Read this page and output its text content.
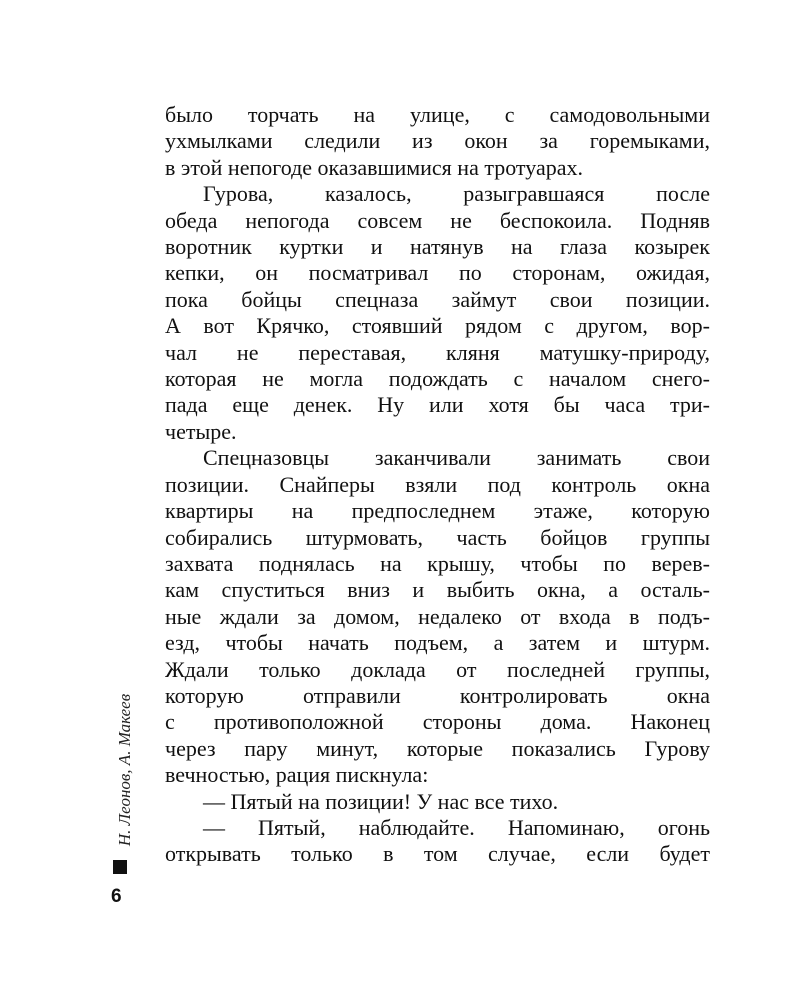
было торчать на улице, с самодовольными
ухмылками следили из окон за горемыками,
в этой непогоде оказавшимися на тротуарах.
Гурова, казалось, разыгравшаяся после
обеда непогода совсем не беспокоила. Подняв
воротник куртки и натянув на глаза козырек
кепки, он посматривал по сторонам, ожидая,
пока бойцы спецназа займут свои позиции.
А вот Крячко, стоявший рядом с другом, вор-
чал не переставая, кляня матушку-природу,
которая не могла подождать с началом снего-
пада еще денек. Ну или хотя бы часа три-
четыре.
Спецназовцы заканчивали занимать свои
позиции. Снайперы взяли под контроль окна
квартиры на предпоследнем этаже, которую
собирались штурмовать, часть бойцов группы
захвата поднялась на крышу, чтобы по верев-
кам спуститься вниз и выбить окна, а осталь-
ные ждали за домом, недалеко от входа в подъ-
езд, чтобы начать подъем, а затем и штурм.
Ждали только доклада от последней группы,
которую отправили контролировать окна
с противоположной стороны дома. Наконец
через пару минут, которые показались Гурову
вечностью, рация пискнула:
— Пятый на позиции! У нас все тихо.
— Пятый, наблюдайте. Напоминаю, огонь
открывать только в том случае, если будет
Н. Леонов, А. Макеев
6
